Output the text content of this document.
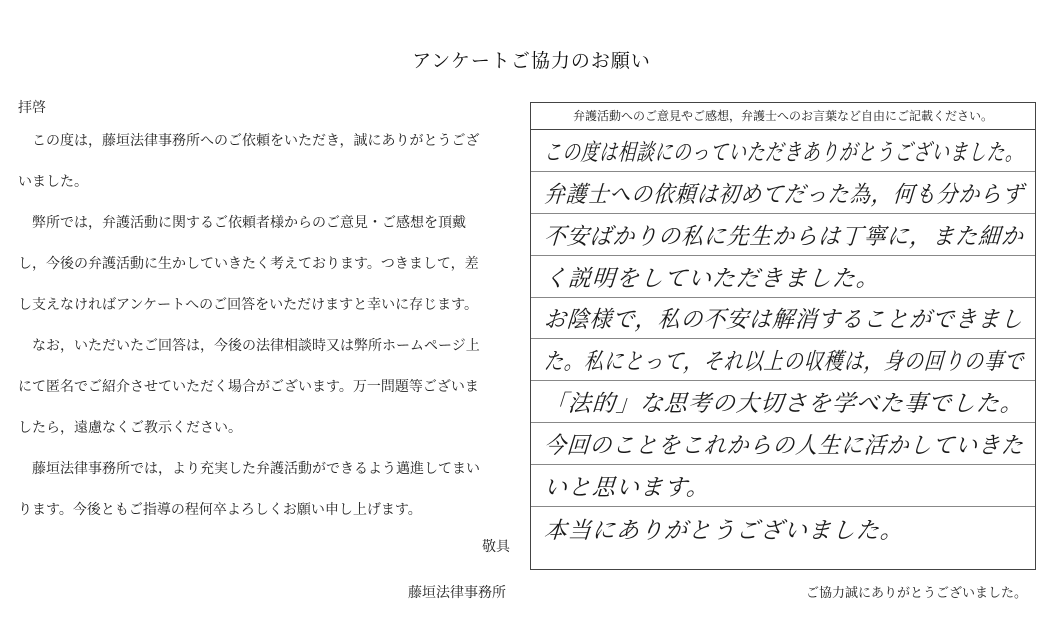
アンケートご協力のお願い
拝啓
　この度は，藤垣法律事務所へのご依頼をいただき，誠にありがとうござ
いました。
　弊所では，弁護活動に関するご依頼者様からのご意見・ご感想を頂戴
し，今後の弁護活動に生かしていきたく考えております。つきまして，差
し支えなければアンケートへのご回答をいただけますと幸いに存じます。
　なお，いただいたご回答は，今後の法律相談時又は弊所ホームページ上
にて匿名でご紹介させていただく場合がございます。万一問題等ございま
したら，遠慮なくご教示ください。
　藤垣法律事務所では，より充実した弁護活動ができるよう邁進してまい
ります。今後ともご指導の程何卒よろしくお願い申し上げます。
敬具
藤垣法律事務所
弁護活動へのご意見やご感想，弁護士へのお言葉など自由にご記載ください。
この度は相談にのっていただきありがとうございました。
弁護士への依頼は初めてだった為，何も分からず
不安ばかりの私に先生からは丁寧に，また細か
く説明をしていただきました。
お陰様で，私の不安は解消することができまし
た。私にとって，それ以上の収穫は，身の回りの事で
「法的」な思考の大切さを学べた事でした。
今回のことをこれからの人生に活かしていきた
いと思います。
本当にありがとうございました。
ご協力誠にありがとうございました。
